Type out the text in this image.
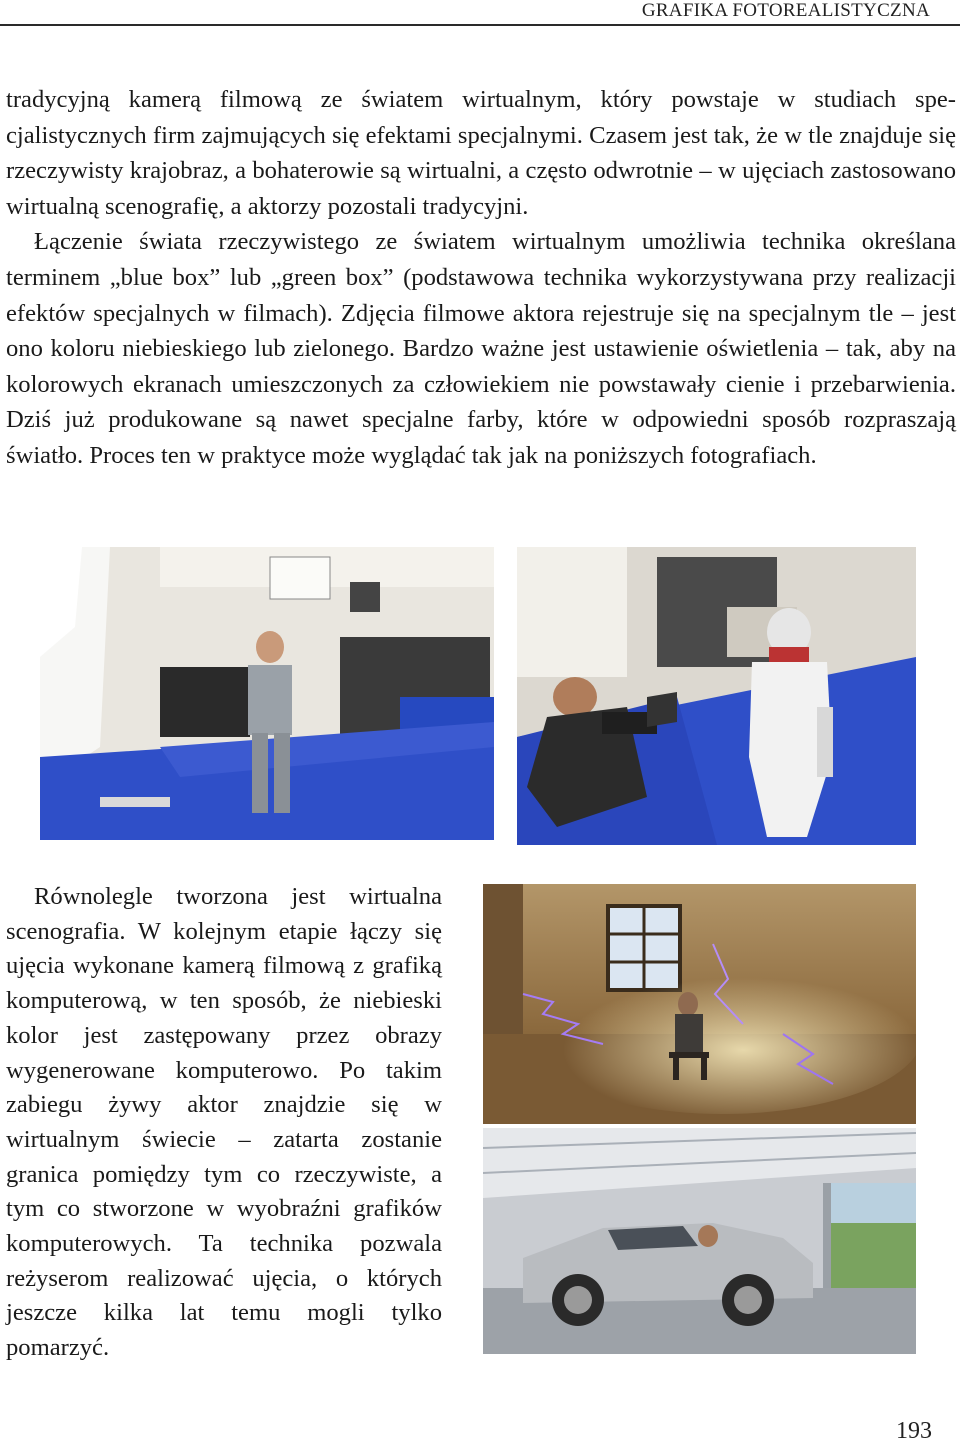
GRAFIKA FOTOREALISTYCZNA

tradycyjną kamerą filmową ze światem wirtualnym, który powstaje w studiach specjalistycznych firm zajmujących się efektami specjalnymi. Czasem jest tak, że w tle znajduje się rzeczywisty krajobraz, a bohaterowie są wirtualni, a często odwrotnie – w ujęciach zastosowano wirtualną scenografię, a aktorzy pozostali tradycyjni.

Łączenie świata rzeczywistego ze światem wirtualnym umożliwia technika określana terminem „blue box” lub „green box” (podstawowa technika wykorzystywana przy realizacji efektów specjalnych w filmach). Zdjęcia filmowe aktora rejestruje się na specjalnym tle – jest ono koloru niebieskiego lub zielonego. Bardzo ważne jest ustawienie oświetlenia – tak, aby na kolorowych ekranach umieszczonych za człowiekiem nie powstawały cienie i przebarwienia. Dziś już produkowane są nawet specjalne farby, które w odpowiedni sposób rozpraszają światło. Proces ten w praktyce może wyglądać tak jak na poniższych fotografiach.

Równolegle tworzona jest wirtualna scenografia. W kolejnym etapie łączy się ujęcia wykonane kamerą filmową z grafiką komputerową, w ten sposób, że niebieski kolor jest zastępowany przez obrazy wygenerowane komputerowo. Po takim zabiegu żywy aktor znajdzie się w wirtualnym świecie – zatarta zostanie granica pomiędzy tym co rzeczywiste, a tym co stworzone w wyobraźni grafików komputerowych. Ta technika pozwala reżyserom realizować ujęcia, o których jeszcze kilka lat temu mogli tylko pomarzyć.

193
